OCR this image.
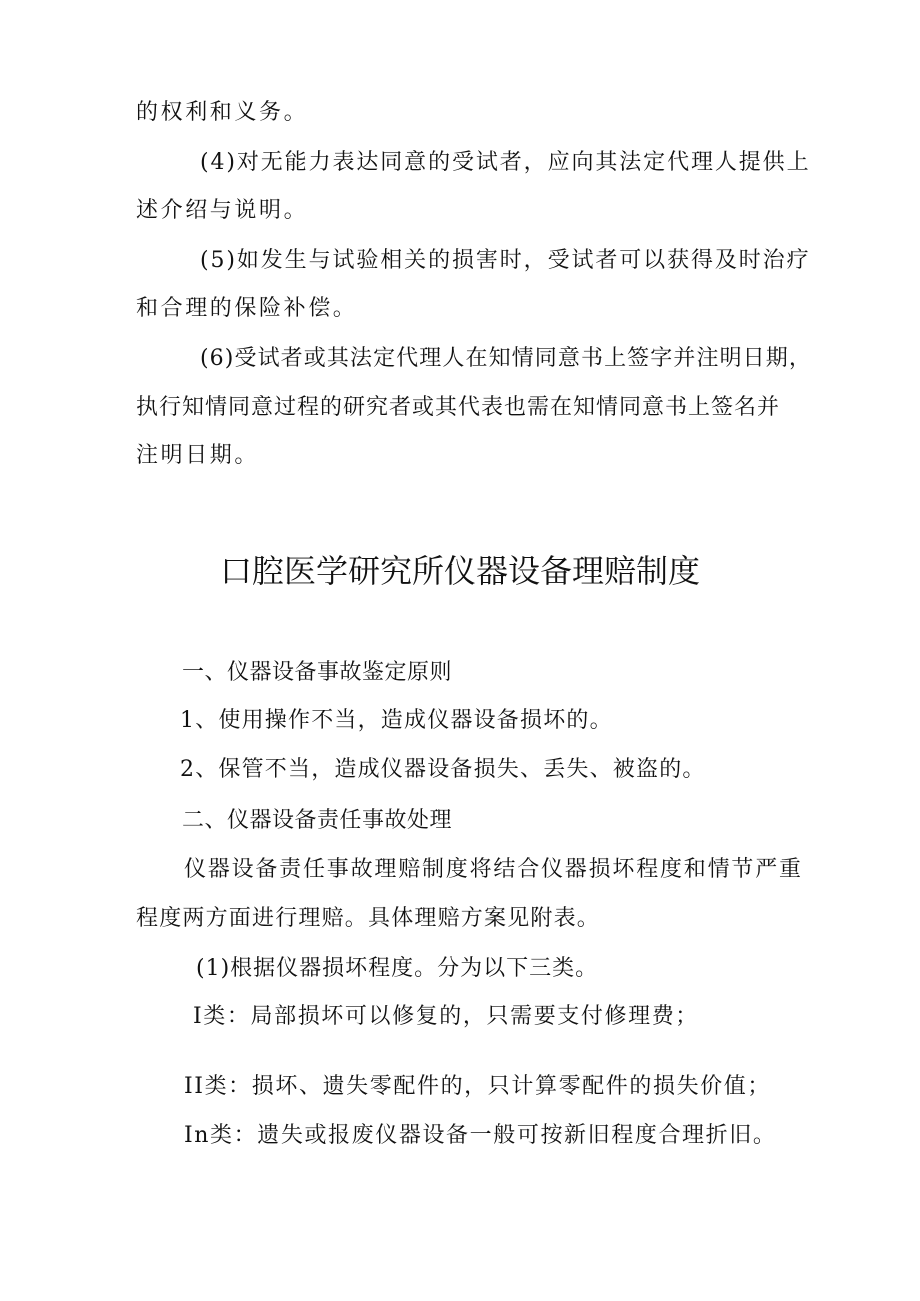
的权利和义务。
(4)对无能力表达同意的受试者，应向其法定代理人提供上
述介绍与说明。
(5)如发生与试验相关的损害时，受试者可以获得及时治疗
和合理的保险补偿。
(6)受试者或其法定代理人在知情同意书上签字并注明日期，
执行知情同意过程的研究者或其代表也需在知情同意书上签名并
注明日期。
口腔医学研究所仪器设备理赔制度
一、仪器设备事故鉴定原则
1、使用操作不当，造成仪器设备损坏的。
2、保管不当，造成仪器设备损失、丢失、被盗的。
二、仪器设备责任事故处理
仪器设备责任事故理赔制度将结合仪器损坏程度和情节严重
程度两方面进行理赔。具体理赔方案见附表。
(1)根据仪器损坏程度。分为以下三类。
I类：局部损坏可以修复的，只需要支付修理费；
II类：损坏、遗失零配件的，只计算零配件的损失价值；
In类：遗失或报废仪器设备一般可按新旧程度合理折旧。
